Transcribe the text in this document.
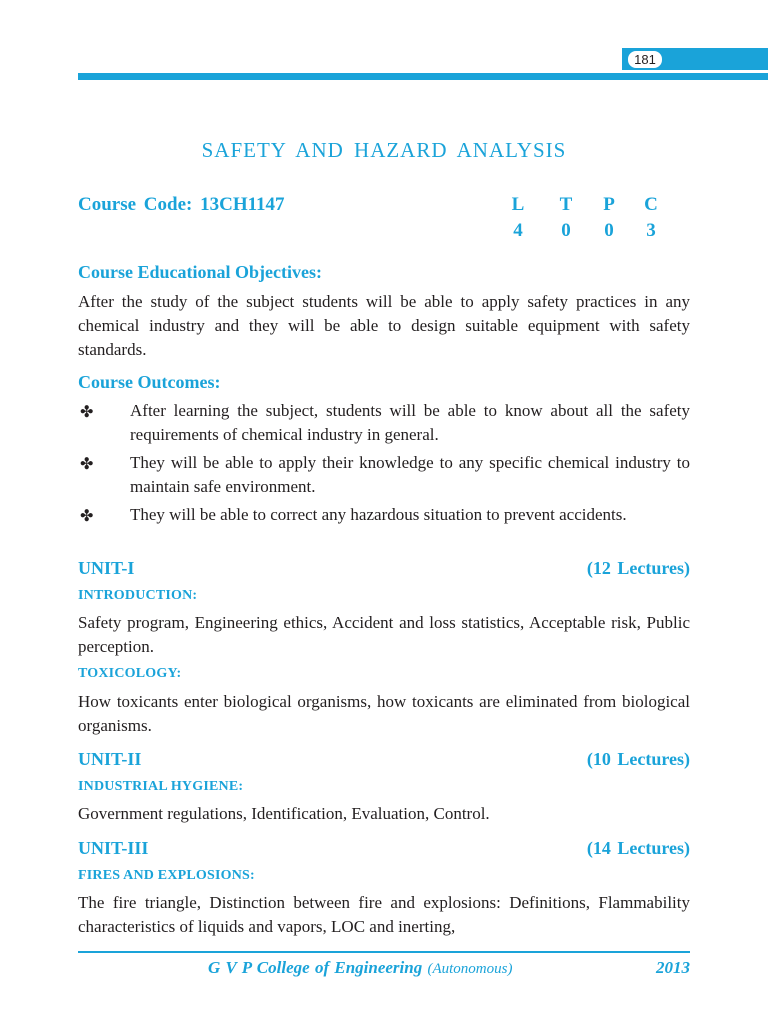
181
SAFETY AND HAZARD ANALYSIS
Course Code: 13CH1147	L T P C
4 0 0 3
Course Educational Objectives:
After the study of the subject students will be able to apply safety practices in any chemical industry and they will be able to design suitable equipment with safety standards.
Course Outcomes:
✤ After learning the subject, students will be able to know about all the safety requirements of chemical industry in general.
✤ They will be able to apply their knowledge to any specific chemical industry to maintain safe environment.
✤ They will be able to correct any hazardous situation to prevent accidents.
UNIT-I	(12 Lectures)
INTRODUCTION:
Safety program, Engineering ethics, Accident and loss statistics, Acceptable risk, Public perception.
TOXICOLOGY:
How toxicants enter biological organisms, how toxicants are eliminated from biological organisms.
UNIT-II	(10 Lectures)
INDUSTRIAL HYGIENE:
Government regulations, Identification, Evaluation, Control.
UNIT-III	(14 Lectures)
FIRES AND EXPLOSIONS:
The fire triangle, Distinction between fire and explosions: Definitions, Flammability characteristics of liquids and vapors, LOC and inerting,
G V P College of Engineering (Autonomous)	2013
